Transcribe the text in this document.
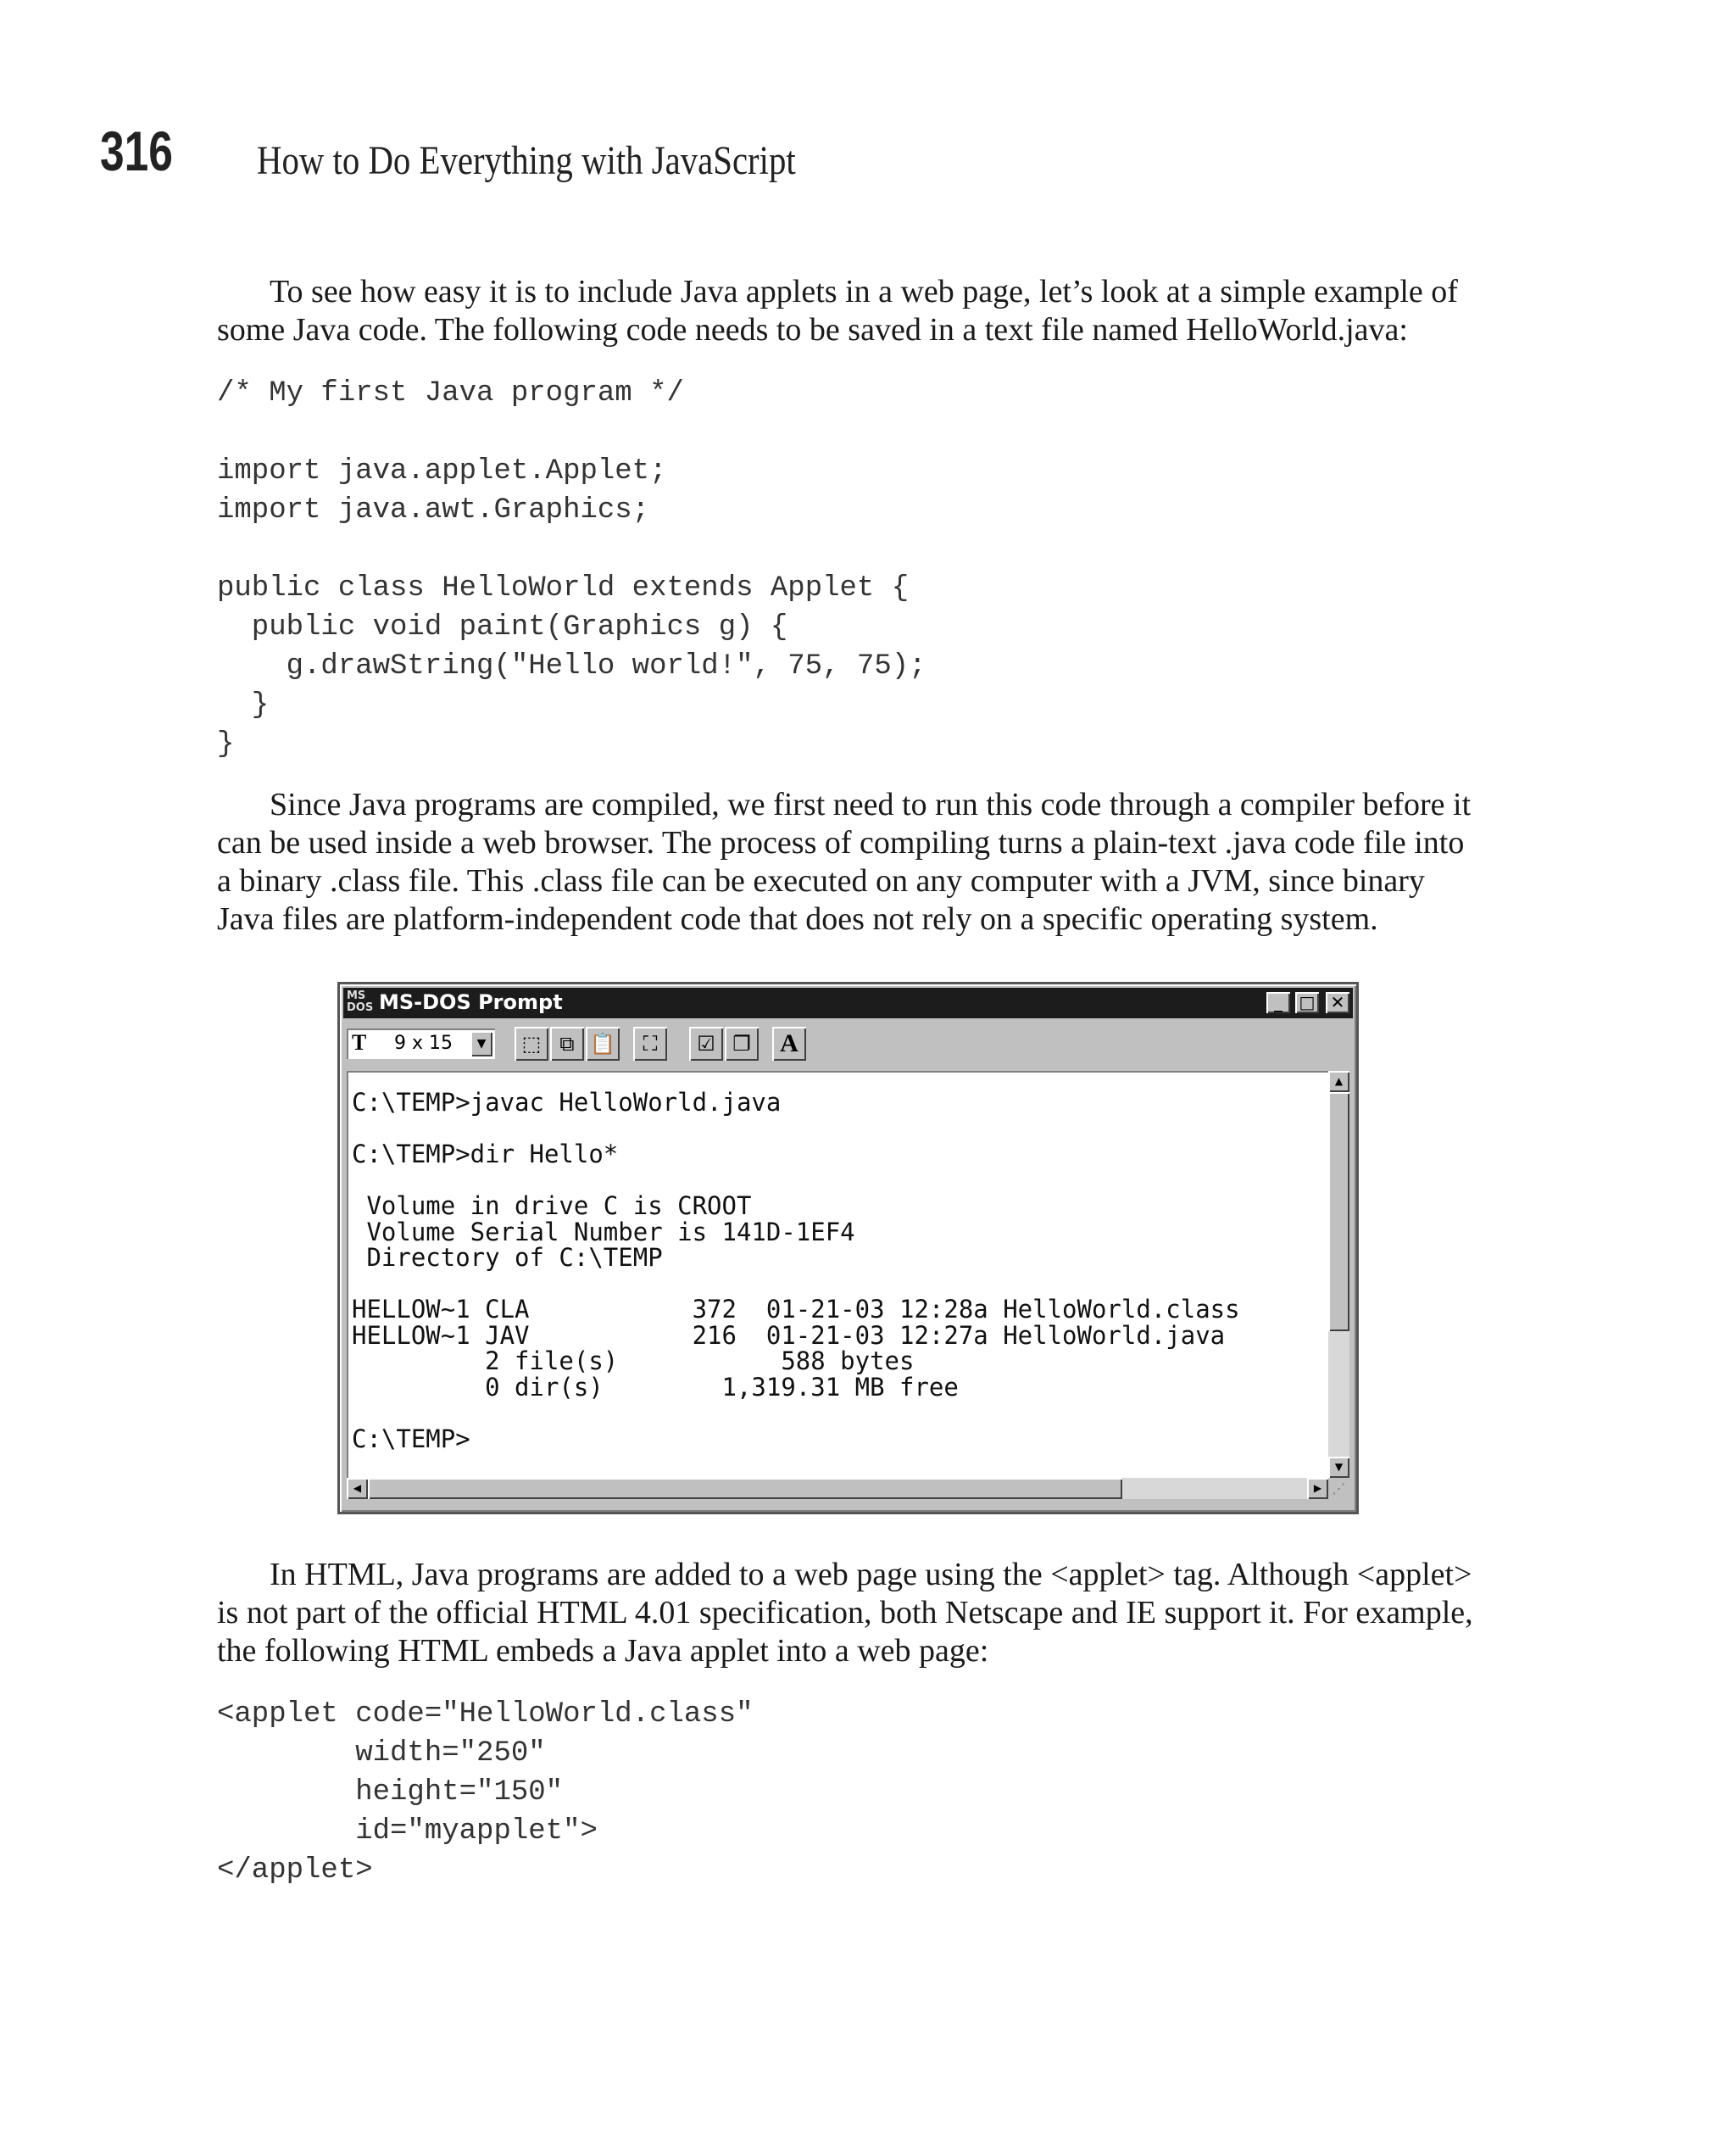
316 How to Do Everything with JavaScript

To see how easy it is to include Java applets in a web page, let’s look at a simple example of
some Java code. The following code needs to be saved in a text file named HelloWorld.java:

/* My first Java program */

import java.applet.Applet;
import java.awt.Graphics;

public class HelloWorld extends Applet {
public void paint(Graphics g) {
g.drawString("Hello world!", 75, 75);
}
}

Since Java programs are compiled, we first need to run this code through a compiler before it
can be used inside a web browser. The process of compiling turns a plain-text .java code file into
a binary .class file. This .class file can be executed on any computer with a JVM, since binary
Java files are platform-independent code that does not rely on a specific operating system.

MS
DOS MS-DOS Prompt	_ □ ✕
T 9 x 15	▼	⬚ ⧉ 📋	⛶	☑ ❐	A
C:\TEMP>javac HelloWorld.java

C:\TEMP>dir Hello*

Volume in drive C is CROOT
Volume Serial Number is 141D-1EF4
Directory of C:\TEMP

HELLOW~1 CLA           372  01-21-03 12:28a HelloWorld.class
HELLOW~1 JAV           216  01-21-03 12:27a HelloWorld.java
2 file(s)           588 bytes
0 dir(s)        1,319.31 MB free

C:\TEMP>
▲
▼
◀	▶ ⋰

In HTML, Java programs are added to a web page using the <applet> tag. Although <applet>
is not part of the official HTML 4.01 specification, both Netscape and IE support it. For example,
the following HTML embeds a Java applet into a web page:

<applet code="HelloWorld.class"
width="250"
height="150"
id="myapplet">
</applet>
